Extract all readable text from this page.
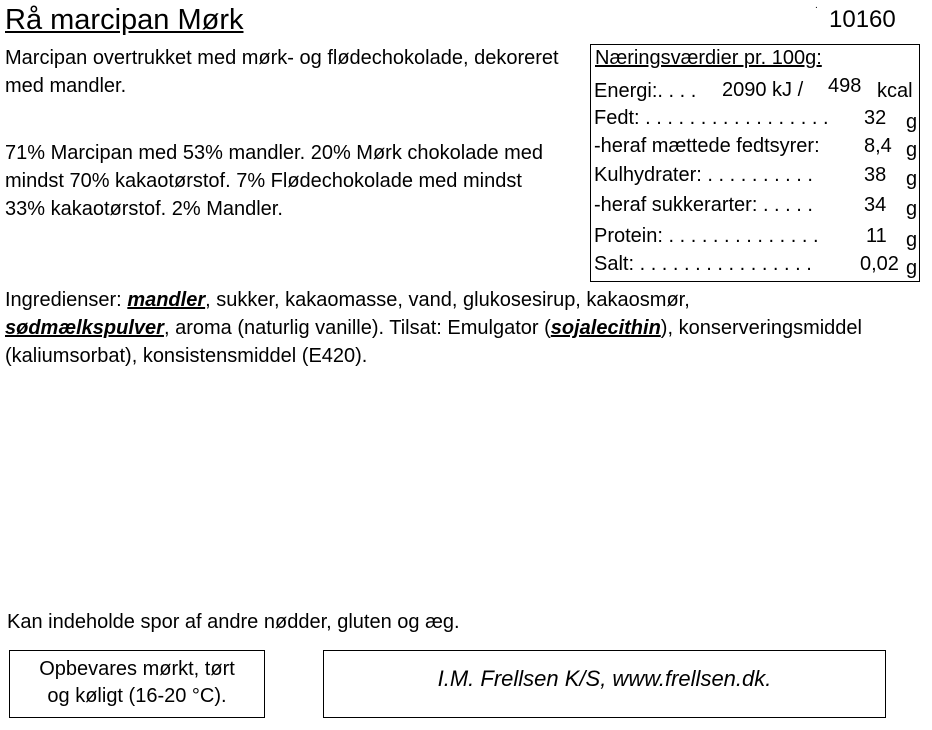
Rå marcipan Mørk	.
10160
Marcipan overtrukket med mørk- og flødechokolade, dekoreret med mandler.
71% Marcipan med 53% mandler. 20% Mørk chokolade med mindst 70% kakaotørstof. 7% Flødechokolade med mindst 33% kakaotørstof. 2% Mandler.
Næringsværdier pr. 100g:
Energi:. . . . 2090 kJ / 498 kcal
Fedt: . . . . . . . . . . . . . . . . . 32 g
-heraf mættede fedtsyrer: 8,4 g
Kulhydrater: . . . . . . . . . .	38 g
-heraf sukkerarter: . . . . .	34 g
Protein: . . . . . . . . . . . . . . 11 g
Salt: . . . . . . . . . . . . . . . . 0,02 g
Ingredienser: mandler, sukker, kakaomasse, vand, glukosesirup, kakaosmør,
sødmælkspulver, aroma (naturlig vanille). Tilsat: Emulgator (sojalecithin), konserveringsmiddel (kaliumsorbat), konsistensmiddel (E420).
Kan indeholde spor af andre nødder, gluten og æg.
Opbevares mørkt, tørt
og køligt (16-20 °C).
I.M. Frellsen K/S, www.frellsen.dk.
